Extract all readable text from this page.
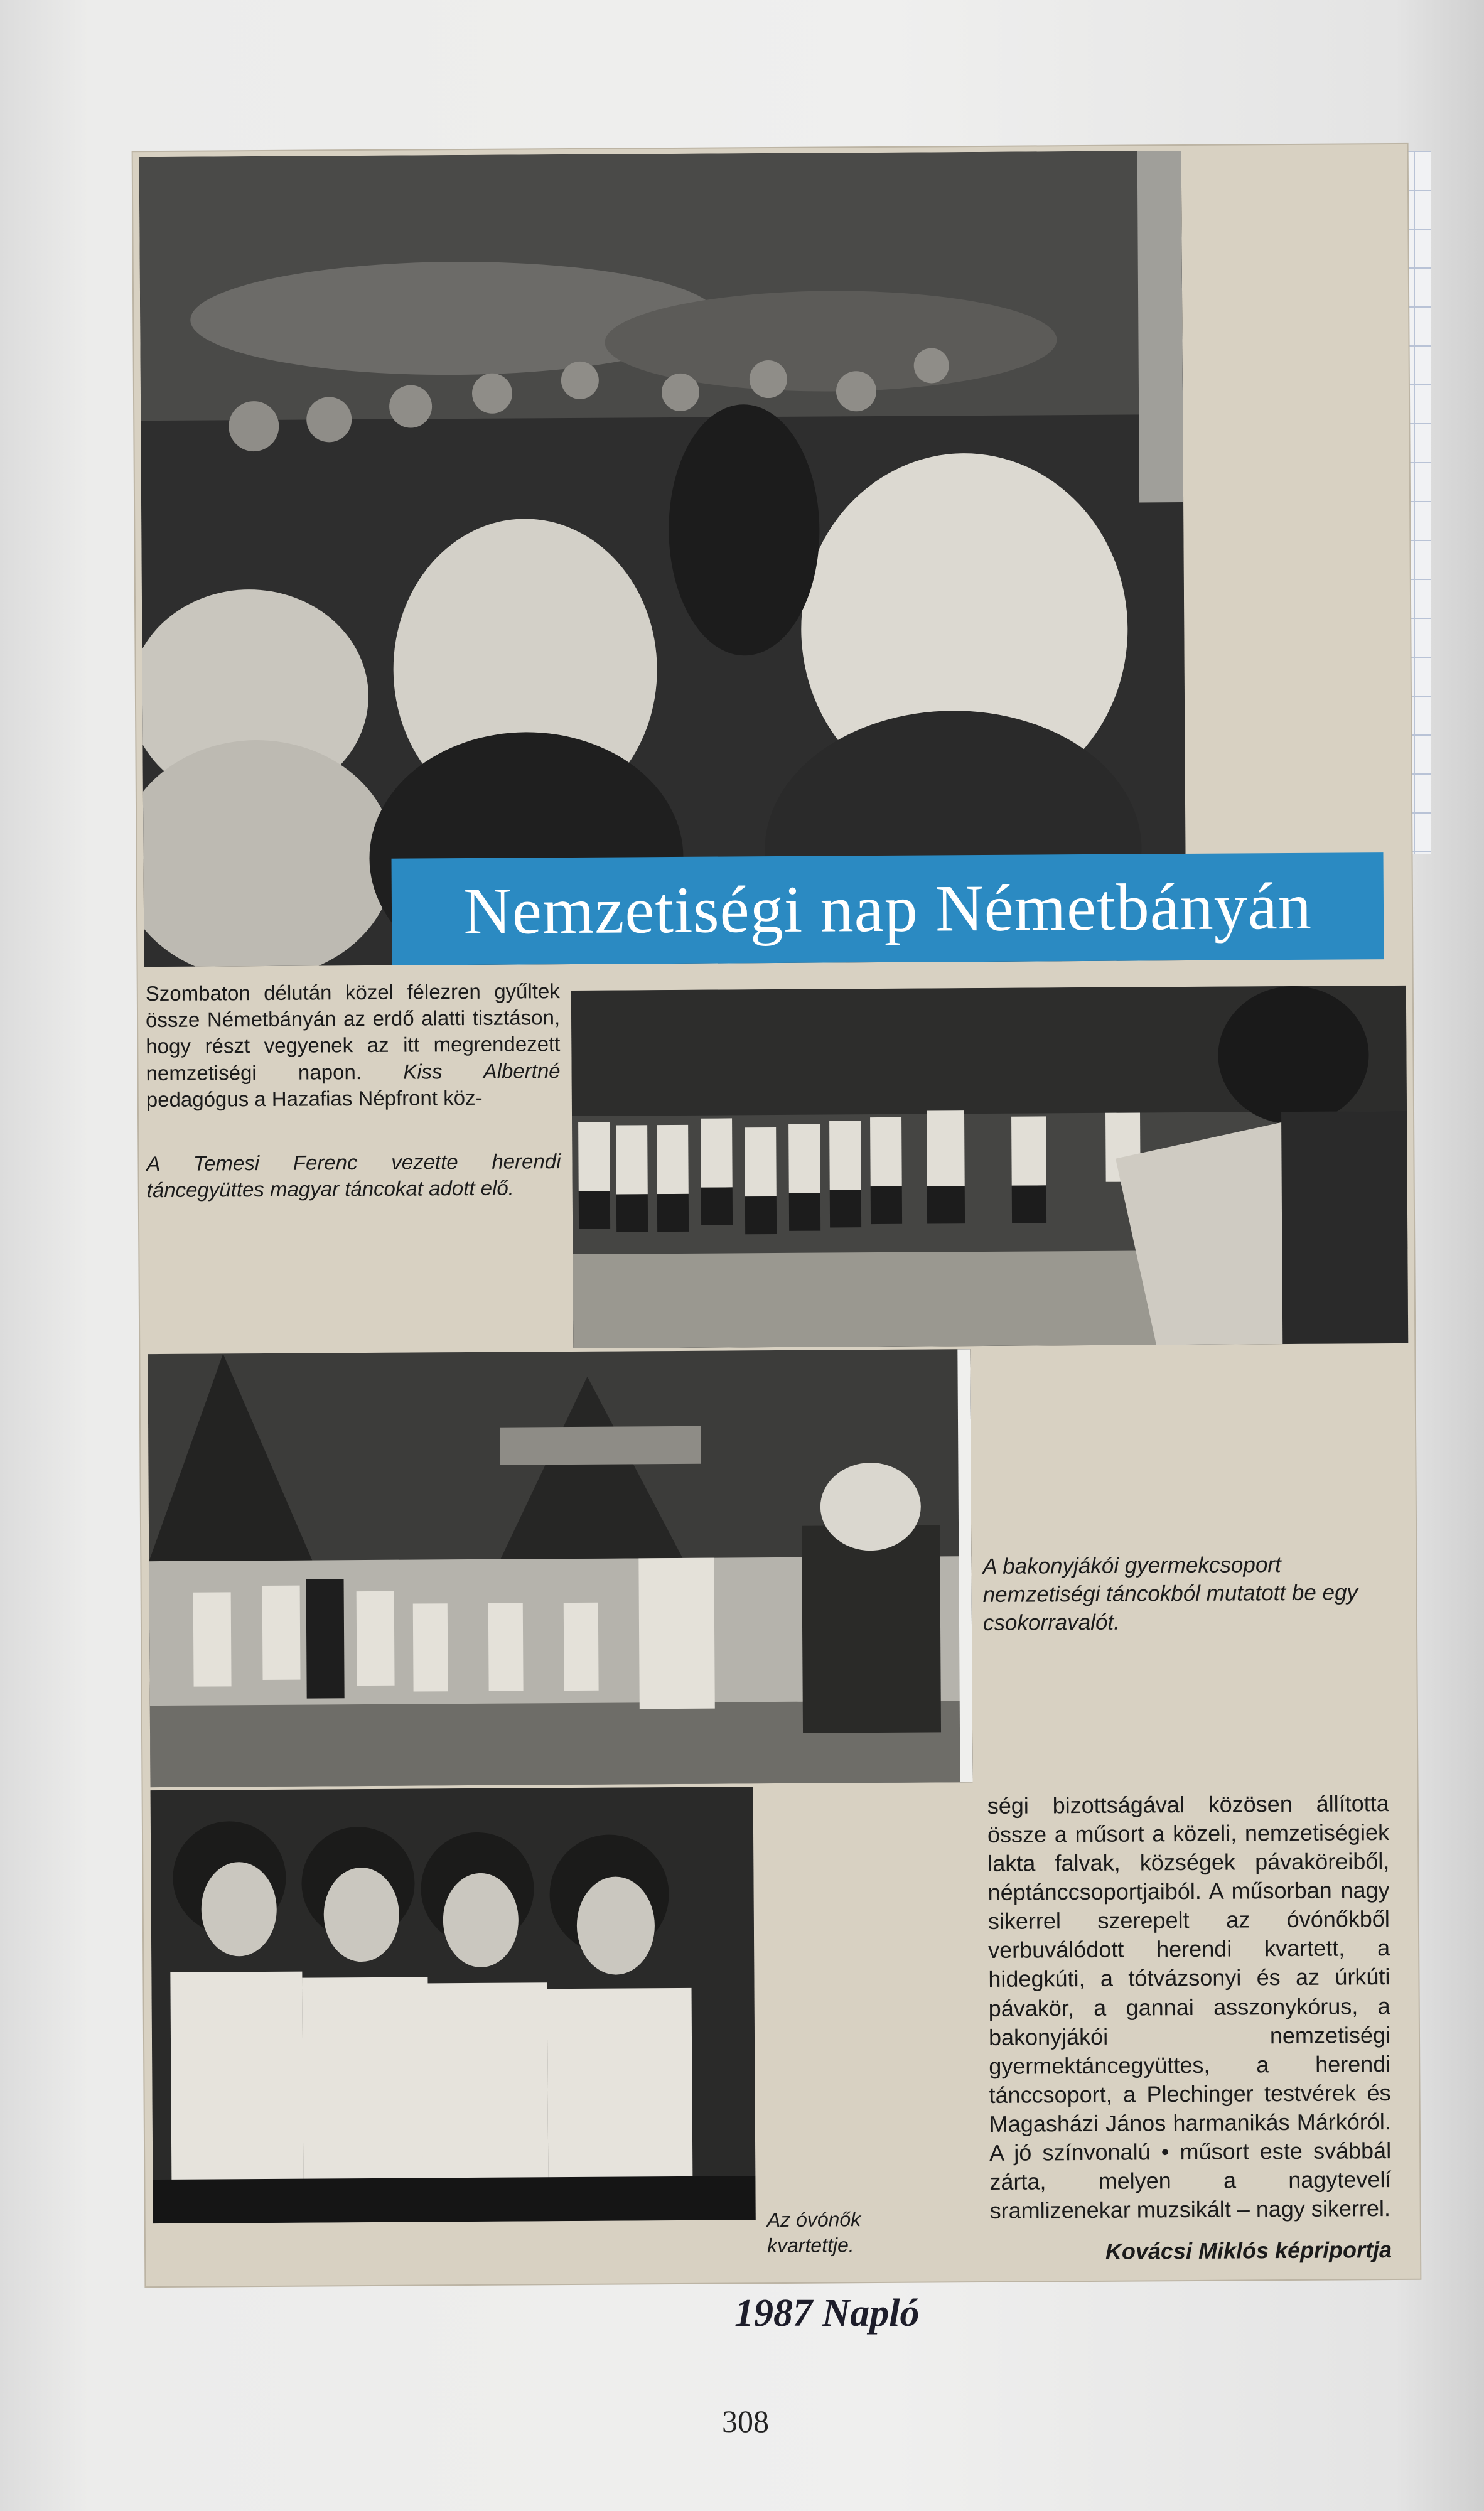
Nemzetiségi nap Németbányán

Szombaton délután közel félezren gyűltek össze Németbányán az erdő alatti tisztáson, hogy részt vegyenek az itt megrendezett nemzetiségi napon. Kiss Albertné pedagógus a Hazafias Népfront köz-

A Temesi Ferenc vezette herendi táncegyüttes magyar táncokat adott elő.

A bakonyjákói gyermekcsoport nemzetiségi táncokból mutatott be egy csokorravalót.
Az óvónők kvartettje.

ségi bizottságával közösen állította össze a műsort a közeli, nemzetiségiek lakta falvak, községek pávaköreiből, néptánccsoportjaiból. A műsorban nagy sikerrel szerepelt az óvónőkből verbuválódott herendi kvartett, a hidegkúti, a tótvázsonyi és az úrkúti pávakör, a gannai asszonykórus, a bakonyjákói nemzetiségi gyermektáncegyüttes, a herendi tánccsoport, a Plechinger testvérek és Magasházi János harmanikás Márkóról. A jó színvonalú • műsort este svábbál zárta, melyen a nagytevelí sramlizenekar muzsikált – nagy sikerrel.

Kovácsi Miklós képriportja

1987 Napló
308
